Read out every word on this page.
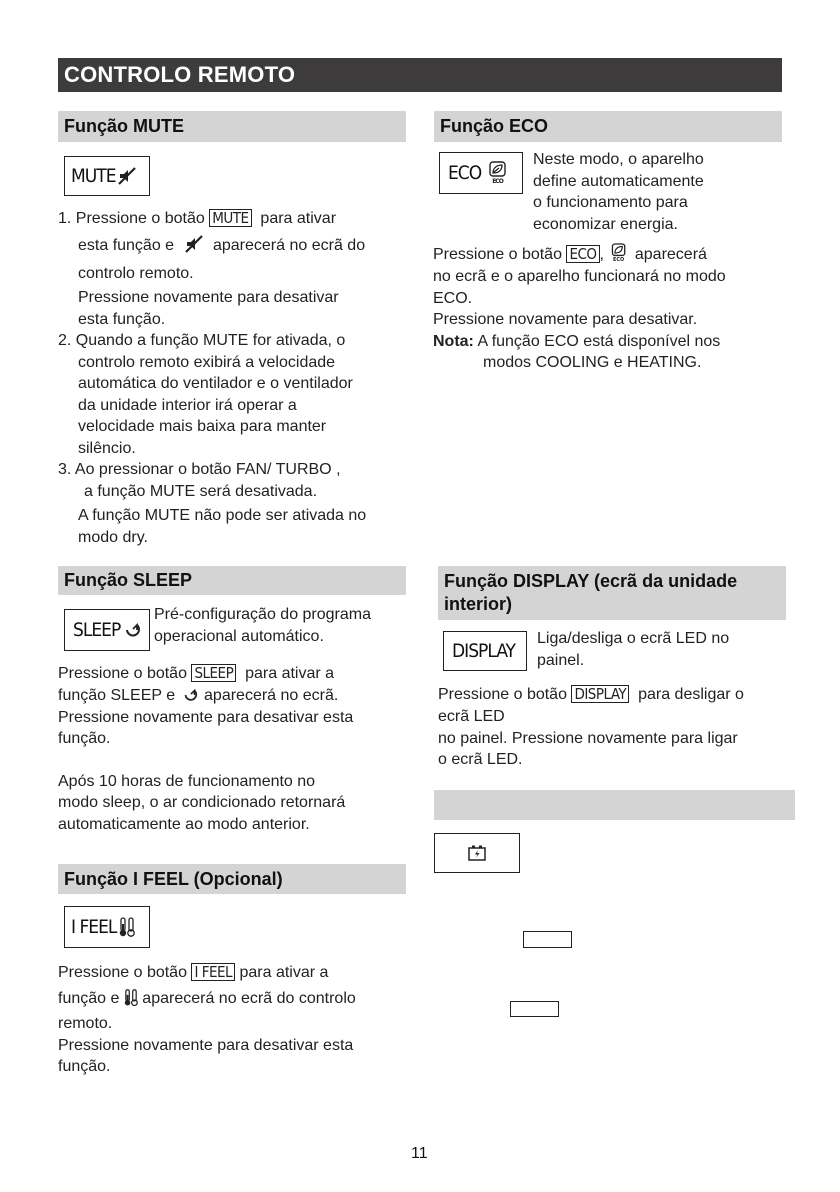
CONTROLO REMOTO
Função MUTE
MUTE
1. Pressione o botão MUTE para ativar
esta função e aparecerá no ecrã do
controlo remoto.
Pressione novamente para desativar
esta função.
2. Quando a função MUTE for ativada, o
controlo remoto exibirá a velocidade
automática do ventilador e o ventilador
da unidade interior irá operar a
velocidade mais baixa para manter
silêncio.
3. Ao pressionar o botão FAN/ TURBO ,
a função MUTE será desativada.
A função MUTE não pode ser ativada no
modo dry.
Função ECO
ECO ECO
Neste modo, o aparelho
define automaticamente
o funcionamento para
economizar energia.
Pressione o botão ECO , ECO aparecerá
no ecrã e o aparelho funcionará no modo
ECO.
Pressione novamente para desativar.
Nota: A função ECO está disponível nos
modos COOLING e HEATING.
Função SLEEP
SLEEP
Pré-configuração do programa
operacional automático.
Pressione o botão SLEEP para ativar a
função SLEEP e aparecerá no ecrã.
Pressione novamente para desativar esta
função.
Após 10 horas de funcionamento no
modo sleep, o ar condicionado retornará
automaticamente ao modo anterior.
Função DISPLAY (ecrã da unidade
interior)
DISPLAY
Liga/desliga o ecrã LED no
painel.
Pressione o botão DISPLAY para desligar o
ecrã LED
no painel. Pressione novamente para ligar
o ecrã LED.
Função I FEEL (Opcional)
I FEEL
Pressione o botão I FEEL para ativar a
função e aparecerá no ecrã do controlo
remoto.
Pressione novamente para desativar esta
função.
11
